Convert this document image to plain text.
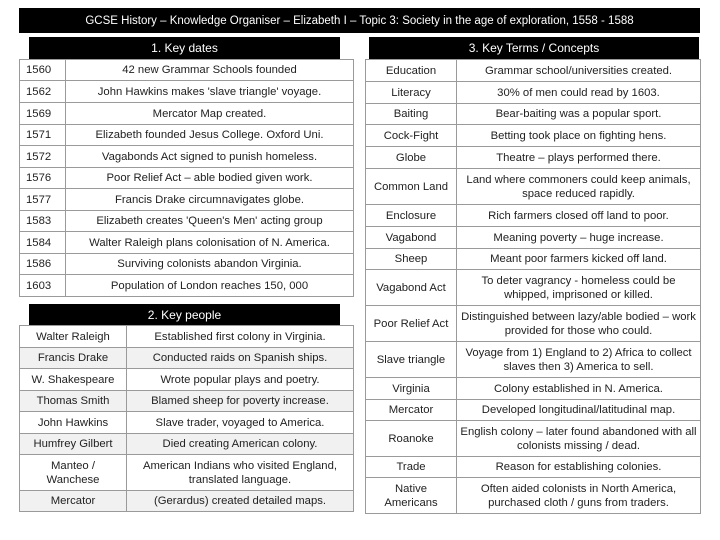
GCSE History – Knowledge Organiser – Elizabeth I – Topic 3: Society in the age of exploration, 1558 - 1588
1. Key dates
1560	42 new Grammar Schools founded
1562	John Hawkins makes 'slave triangle' voyage.
1569	Mercator Map created.
1571	Elizabeth founded Jesus College. Oxford Uni.
1572	Vagabonds Act signed to punish homeless.
1576	Poor Relief Act – able bodied given work.
1577	Francis Drake circumnavigates globe.
1583	Elizabeth creates 'Queen's Men' acting group
1584	Walter Raleigh plans colonisation of N. America.
1586	Surviving colonists abandon Virginia.
1603	Population of London reaches 150, 000
2. Key people
Walter Raleigh	Established first colony in Virginia.
Francis Drake	Conducted raids on Spanish ships.
W. Shakespeare	Wrote popular plays and poetry.
Thomas Smith	Blamed sheep for poverty increase.
John Hawkins	Slave trader, voyaged to America.
Humfrey Gilbert	Died creating American colony.
Manteo / Wanchese	American Indians who visited England, translated language.
Mercator	(Gerardus) created detailed maps.
3. Key Terms / Concepts
Education	Grammar school/universities created.
Literacy	30% of men could read by 1603.
Baiting	Bear-baiting was a popular sport.
Cock-Fight	Betting took place on fighting hens.
Globe	Theatre – plays performed there.
Common Land	Land where commoners could keep animals, space reduced rapidly.
Enclosure	Rich farmers closed off land to poor.
Vagabond	Meaning poverty – huge increase.
Sheep	Meant poor farmers kicked off land.
Vagabond Act	To deter vagrancy - homeless could be whipped, imprisoned or killed.
Poor Relief Act	Distinguished between lazy/able bodied – work provided for those who could.
Slave triangle	Voyage from 1) England to 2) Africa to collect slaves then 3) America to sell.
Virginia	Colony established in N. America.
Mercator	Developed longitudinal/latitudinal map.
Roanoke	English colony – later found abandoned with all colonists missing / dead.
Trade	Reason for establishing colonies.
Native Americans	Often aided colonists in North America, purchased cloth / guns from traders.
